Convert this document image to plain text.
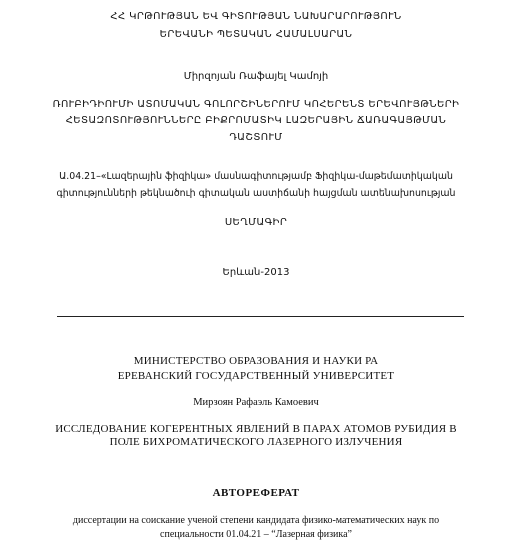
ՀՀ ԿՐԹՈՒԹՅԱՆ ԵՎ ԳԻՏՈՒԹՅԱՆ ՆԱԽԱՐԱՐՈՒԹՅՈՒՆ
ԵՐԵՎԱՆԻ ՊԵՏԱԿԱՆ ՀԱՄԱԼՍԱՐԱՆ
Միրզոյան Ռաֆայել Կամոյի
ՌՈՒԲԻԴԻՈՒՄԻ ԱՏՈՄԱԿԱՆ ԳՈԼՈՐՇԻՆԵՐՈՒՄ ԿՈՀԵՐԵՆՏ ԵՐԵՎՈՒՅԹՆԵՐԻ
ՀԵՏԱԶՈՏՈՒԹՅՈՒՆՆԵՐԸ ԲԻՔՐՈՄԱՏԻԿ ԼԱԶԵՐԱՅԻՆ ՃԱՌԱԳԱՅԹՄԱՆ
ԴԱՇՏՈՒՄ
Ա.04.21–«Լազերային ֆիզիկա» մասնագիտությամբ Ֆիզիկա-մաթեմատիկական
գիտությունների թեկնածուի գիտական աստիճանի հայցման ատենախոսության
ՍԵՂՄԱԳԻՐ
Երևան-2013
МИНИСТЕРСТВО ОБРАЗОВАНИЯ И НАУКИ РА
ЕРЕВАНСКИЙ ГОСУДАРСТВЕННЫЙ УНИВЕРСИТЕТ
Мирзоян Рафаэль Камоевич
ИССЛЕДОВАНИЕ КОГЕРЕНТНЫХ ЯВЛЕНИЙ В ПАРАХ АТОМОВ РУБИДИЯ В
ПОЛЕ БИХРОМАТИЧЕСКОГО ЛАЗЕРНОГО ИЗЛУЧЕНИЯ
АВТОРЕФЕРАТ
диссертации на соискание ученой степени кандидата физико-математических наук по
специальности 01.04.21 – “Лазерная физика”
